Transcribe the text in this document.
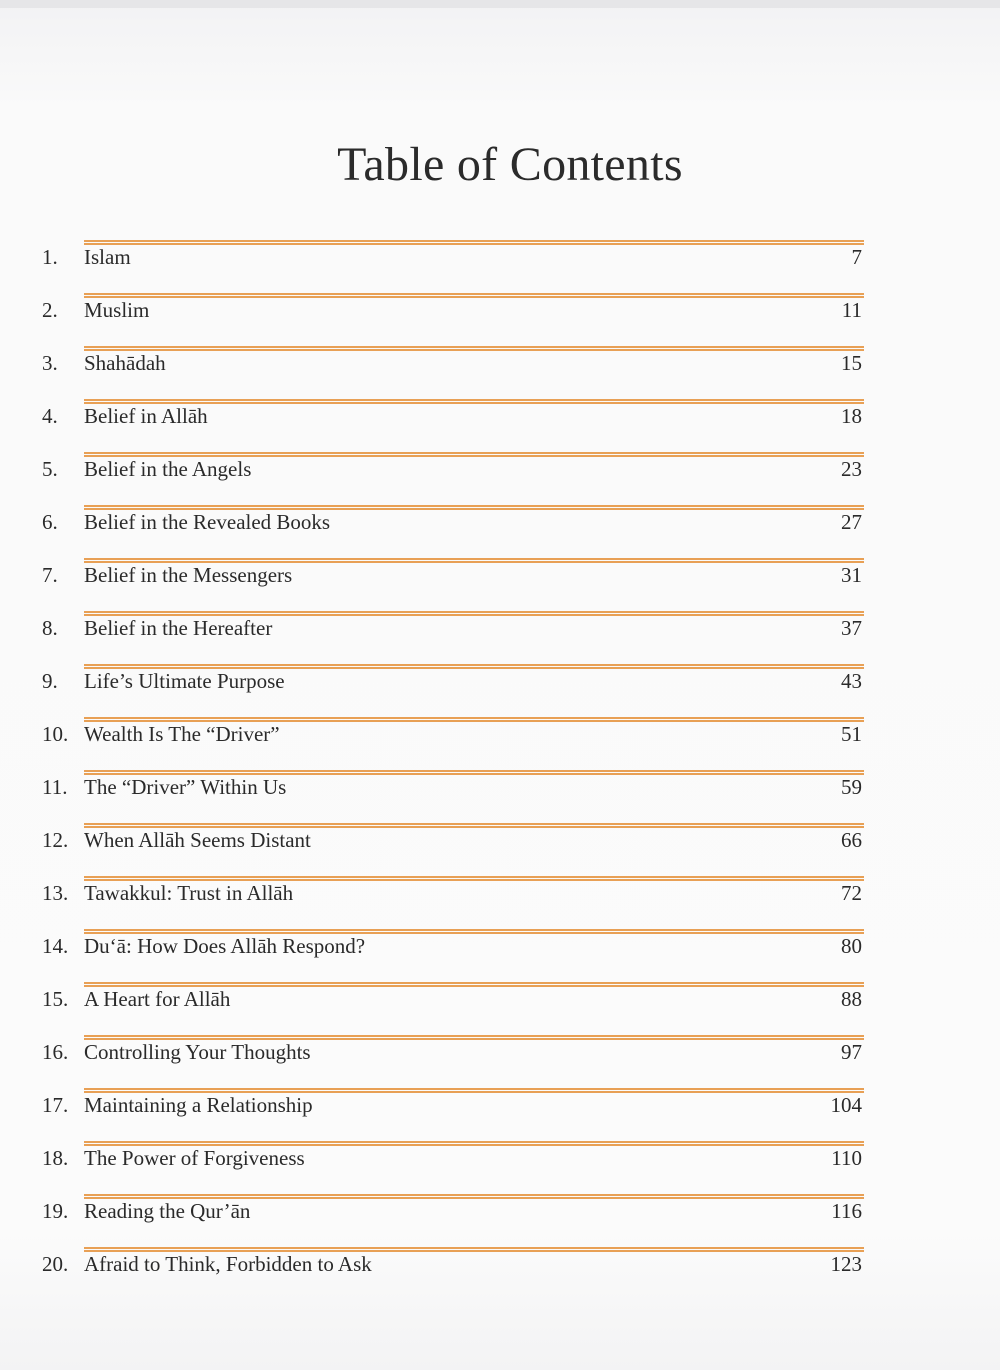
Table of Contents
1. Islam	7
2. Muslim	11
3. Shahādah	15
4. Belief in Allāh	18
5. Belief in the Angels	23
6. Belief in the Revealed Books	27
7. Belief in the Messengers	31
8. Belief in the Hereafter	37
9. Life’s Ultimate Purpose	43
10. Wealth Is The “Driver”	51
11. The “Driver” Within Us	59
12. When Allāh Seems Distant	66
13. Tawakkul: Trust in Allāh	72
14. Du‘ā: How Does Allāh Respond?	80
15. A Heart for Allāh	88
16. Controlling Your Thoughts	97
17. Maintaining a Relationship	104
18. The Power of Forgiveness	110
19. Reading the Qur’ān	116
20. Afraid to Think, Forbidden to Ask	123
